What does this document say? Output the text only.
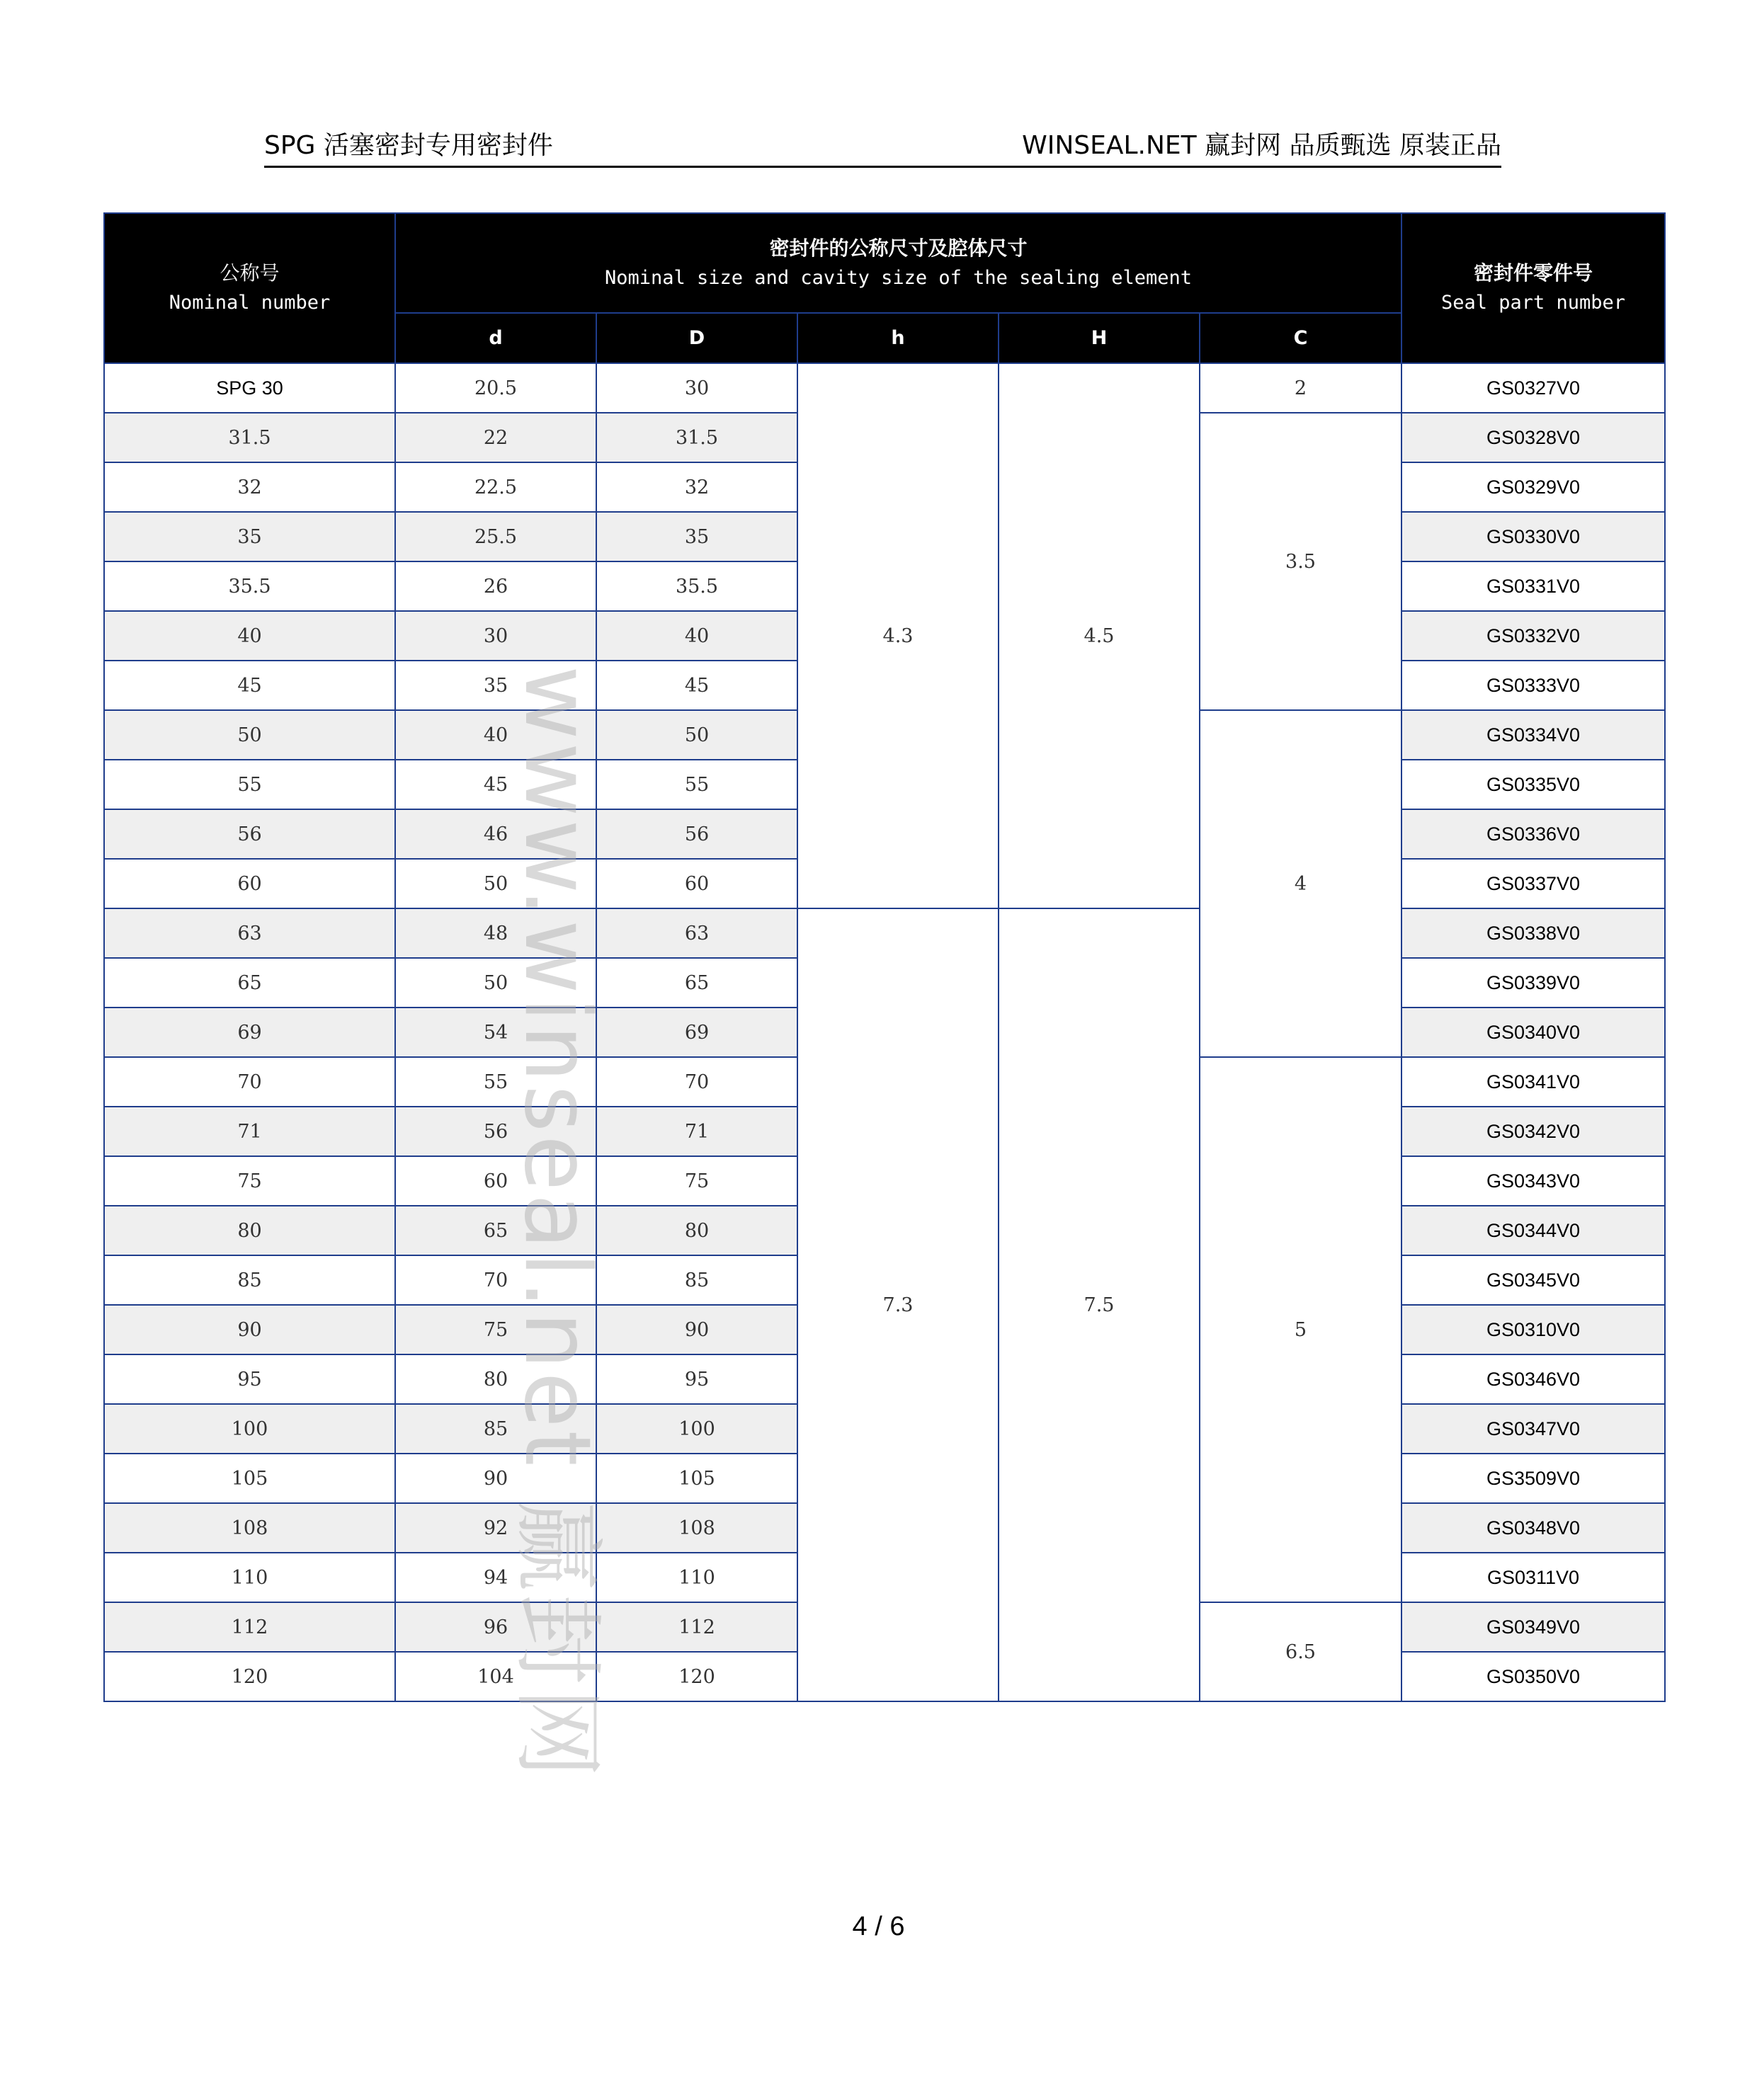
SPG 活塞密封专用密封件	WINSEAL.NET 赢封网 品质甄选 原装正品
公称号
Nominal number	密封件的公称尺寸及腔体尺寸
Nominal size and cavity size of the sealing element					密封件零件号
Seal part number

	d	D	h	H	C	
SPG 30	20.5	30	4.3	4.5	2	GS0327V0
31.5	22	31.5			3.5	GS0328V0
32	22.5	32				GS0329V0
35	25.5	35				GS0330V0
35.5	26	35.5				GS0331V0
40	30	40				GS0332V0
45	35	45				GS0333V0
50	40	50			4	GS0334V0
55	45	55				GS0335V0
56	46	56				GS0336V0
60	50	60				GS0337V0
63	48	63	7.3	7.5		GS0338V0
65	50	65				GS0339V0
69	54	69				GS0340V0
70	55	70			5	GS0341V0
71	56	71				GS0342V0
75	60	75				GS0343V0
80	65	80				GS0344V0
85	70	85				GS0345V0
90	75	90				GS0310V0
95	80	95				GS0346V0
100	85	100				GS0347V0
105	90	105				GS3509V0
108	92	108				GS0348V0
110	94	110				GS0311V0
112	96	112			6.5	GS0349V0
120	104	120				GS0350V0
www.winseal.net 赢封网
4 / 6
